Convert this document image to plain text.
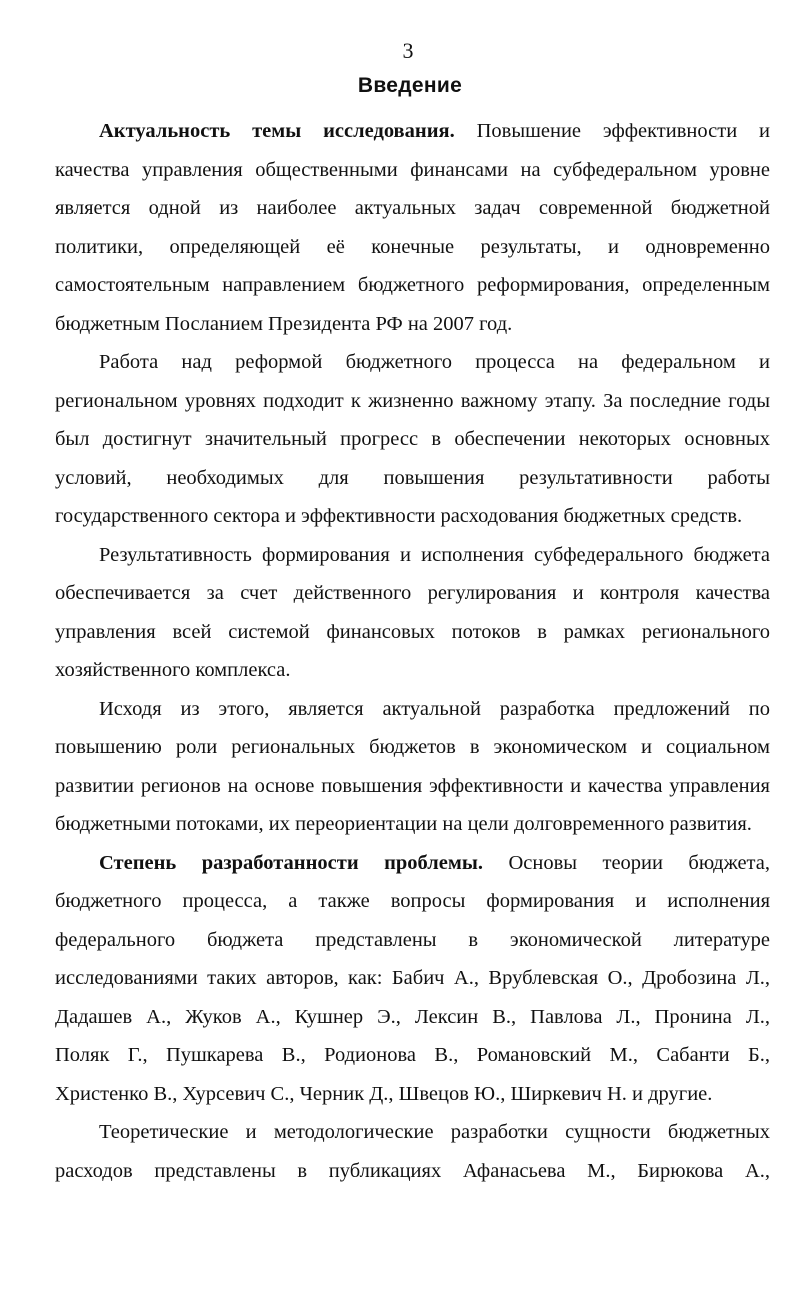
3
Введение
Актуальность темы исследования. Повышение эффективности и
качества управления общественными финансами на субфедеральном уровне
является одной из наиболее актуальных задач современной бюджетной
политики, определяющей её конечные результаты, и одновременно
самостоятельным направлением бюджетного реформирования, определенным
бюджетным Посланием Президента РФ на 2007 год.
Работа над реформой бюджетного процесса на федеральном и
региональном уровнях подходит к жизненно важному этапу. За последние годы
был достигнут значительный прогресс в обеспечении некоторых основных
условий, необходимых для повышения результативности работы
государственного сектора и эффективности расходования бюджетных средств.
Результативность формирования и исполнения субфедерального бюджета
обеспечивается за счет действенного регулирования и контроля качества
управления всей системой финансовых потоков в рамках регионального
хозяйственного комплекса.
Исходя из этого, является актуальной разработка предложений по
повышению роли региональных бюджетов в экономическом и социальном
развитии регионов на основе повышения эффективности и качества управления
бюджетными потоками, их переориентации на цели долговременного развития.
Степень разработанности проблемы. Основы теории бюджета,
бюджетного процесса, а также вопросы формирования и исполнения
федерального бюджета представлены в экономической литературе
исследованиями таких авторов, как: Бабич А., Врублевская О., Дробозина Л.,
Дадашев А., Жуков А., Кушнер Э., Лексин В., Павлова Л., Пронина Л.,
Поляк Г., Пушкарева В., Родионова В., Романовский М., Сабанти Б.,
Христенко В., Хурсевич С., Черник Д., Швецов Ю., Ширкевич Н. и другие.
Теоретические и методологические разработки сущности бюджетных
расходов представлены в публикациях Афанасьева М., Бирюкова А.,
